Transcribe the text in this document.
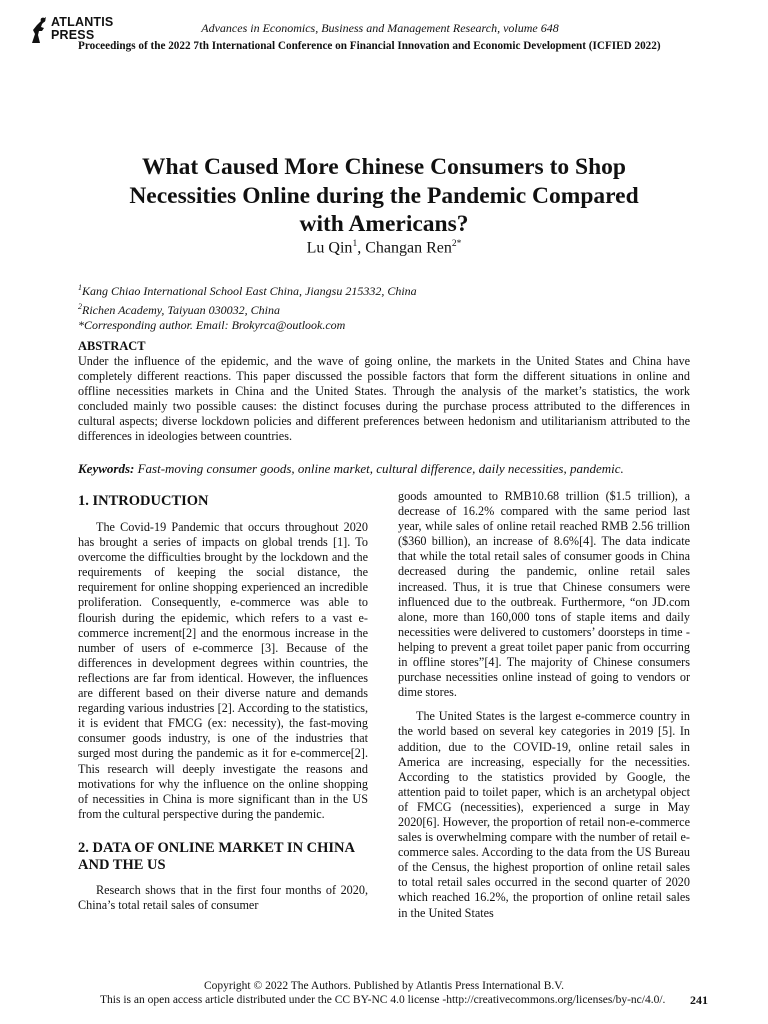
ATLANTIS
PRESS	Advances in Economics, Business and Management Research, volume 648
Proceedings of the 2022 7th International Conference on Financial Innovation and Economic Development (ICFIED 2022)
What Caused More Chinese Consumers to Shop
Necessities Online during the Pandemic Compared
with Americans?
Lu Qin$^1$, Changan Ren$^{2*}$
$^1$Kang Chiao International School East China, Jiangsu 215332, China
$^2$Richen Academy, Taiyuan 030032, China
*Corresponding author. Email: Brokyrca@outlook.com
ABSTRACT
Under the influence of the epidemic, and the wave of going online, the markets in the United States and China have completely different reactions. This paper discussed the possible factors that form the different situations in online and offline necessities markets in China and the United States. Through the analysis of the market’s statistics, the work concluded mainly two possible causes: the distinct focuses during the purchase process attributed to the differences in cultural aspects; diverse lockdown policies and different preferences between hedonism and utilitarianism attributed to the differences in ideologies between countries.
Keywords: Fast-moving consumer goods, online market, cultural difference, daily necessities, pandemic.
1. INTRODUCTION

The Covid-19 Pandemic that occurs throughout 2020 has brought a series of impacts on global trends [1]. To overcome the difficulties brought by the lockdown and the requirements of keeping the social distance, the requirement for online shopping experienced an incredible proliferation. Consequently, e-commerce was able to flourish during the epidemic, which refers to a vast e-commerce increment[2] and the enormous increase in the number of users of e-commerce [3]. Because of the differences in development degrees within countries, the reflections are far from identical. However, the influences are different based on their diverse nature and demands regarding various industries [2]. According to the statistics, it is evident that FMCG (ex: necessity), the fast-moving consumer goods industry, is one of the industries that surged most during the pandemic as it for e-commerce[2]. This research will deeply investigate the reasons and motivations for why the influence on the online shopping of necessities in China is more significant than in the US from the cultural perspective during the pandemic.

2. DATA OF ONLINE MARKET IN CHINA AND THE US

Research shows that in the first four months of 2020, China’s total retail sales of consumer

goods amounted to RMB10.68 trillion ($1.5 trillion), a decrease of 16.2% compared with the same period last year, while sales of online retail reached RMB 2.56 trillion ($360 billion), an increase of 8.6%[4]. The data indicate that while the total retail sales of consumer goods in China decreased during the pandemic, online retail sales increased. Thus, it is true that Chinese consumers were influenced due to the outbreak. Furthermore, “on JD.com alone, more than 160,000 tons of staple items and daily necessities were delivered to customers’ doorsteps in time - helping to prevent a great toilet paper panic from occurring in offline stores”[4]. The majority of Chinese consumers purchase necessities online instead of going to vendors or dime stores.

The United States is the largest e-commerce country in the world based on several key categories in 2019 [5]. In addition, due to the COVID-19, online retail sales in America are increasing, especially for the necessities. According to the statistics provided by Google, the attention paid to toilet paper, which is an archetypal object of FMCG (necessities), experienced a surge in May 2020[6]. However, the proportion of retail non-e-commerce sales is overwhelming compare with the number of retail e-commerce sales. According to the data from the US Bureau of the Census, the highest proportion of online retail sales to total retail sales occurred in the second quarter of 2020 which reached 16.2%, the proportion of online retail sales in the United States

Copyright © 2022 The Authors. Published by Atlantis Press International B.V.
This is an open access article distributed under the CC BY-NC 4.0 license -http://creativecommons.org/licenses/by-nc/4.0/.	241
